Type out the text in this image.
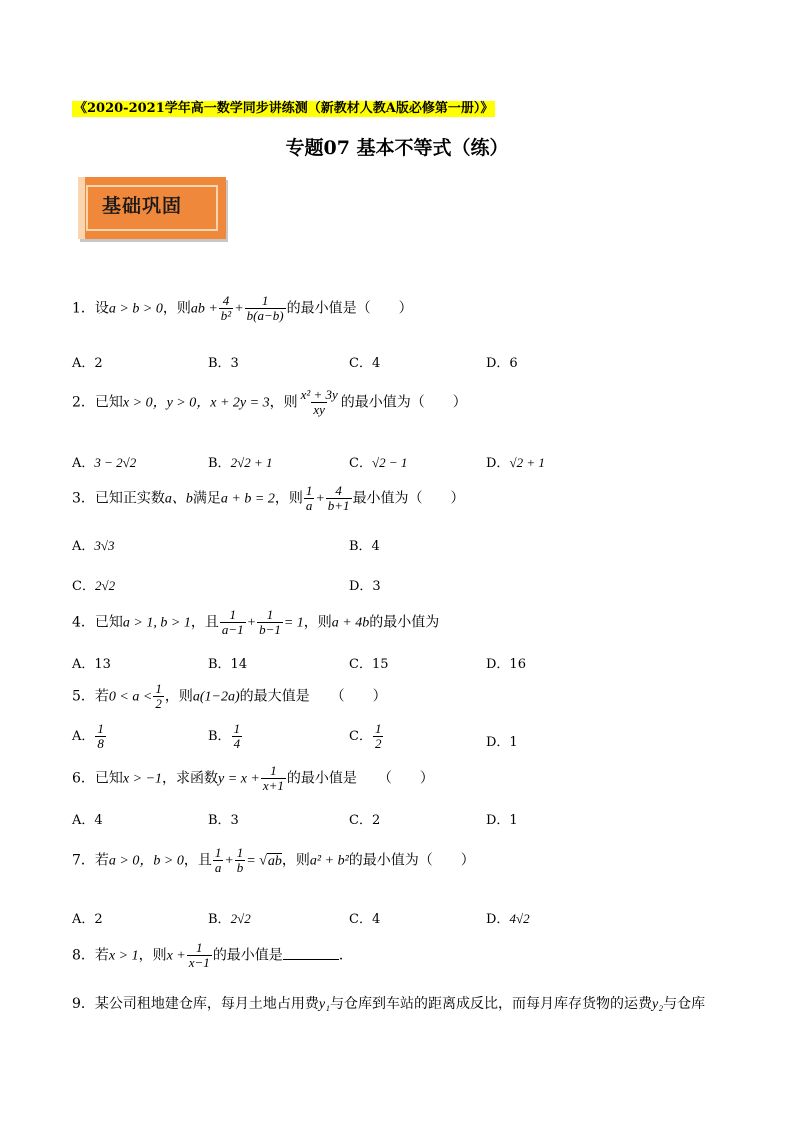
《2020-2021学年高一数学同步讲练测（新教材人教A版必修第一册）》
专题07 基本不等式（练）
基础巩固
1．设a > b > 0，则ab + $\frac{4}{\text{b²}} + \frac{1}{b(a-b)}$ 的最小值是（　　）
A．2	B．3	C．4	D．6
2．已知x > 0，y > 0，x + 2y = 3，则 $\frac{\text{x² + 3y}}{xy}$ 的最小值为（　　）
A．3 − 2√2	B．2√2 + 1	C．√2 − 1	D．√2 + 1
3．已知正实数a、b满足a + b = 2，则 $\frac{1}{a} + \frac{4}{b+1}$ 最小值为（　　）
A．3√3	B．4
C．2√2	D．3
4．已知a > 1, b > 1，且 $\frac{1}{a-1} + \frac{1}{b-1} = 1$，则a + 4b的最小值为
A．13	B．14	C．15	D．16
5．若$0 < a < \frac{1}{2}$ ，则a(1−2a)的最大值是　　（　　）
A． $\frac{1}{8}$	B． $\frac{1}{4}$	C． $\frac{1}{2}$	D．1
6．已知x > −1，求函数$y = x + \frac{1}{x+1}$ 的最小值是　　（　　）
A．4	B．3	C．2	D．1
7．若a > 0，b > 0，且 $\frac{1}{a} + \frac{1}{b} = √ab$，则a² + b²的最小值为（　　）
A．2	B．2√2	C．4	D．4√2
8．若x > 1，则$x + \frac{1}{x-1}$ 的最小值是	．
9．某公司租地建仓库，每月土地占用费y₁与仓库到车站的距离成反比，而每月库存货物的运费y₂与仓库
